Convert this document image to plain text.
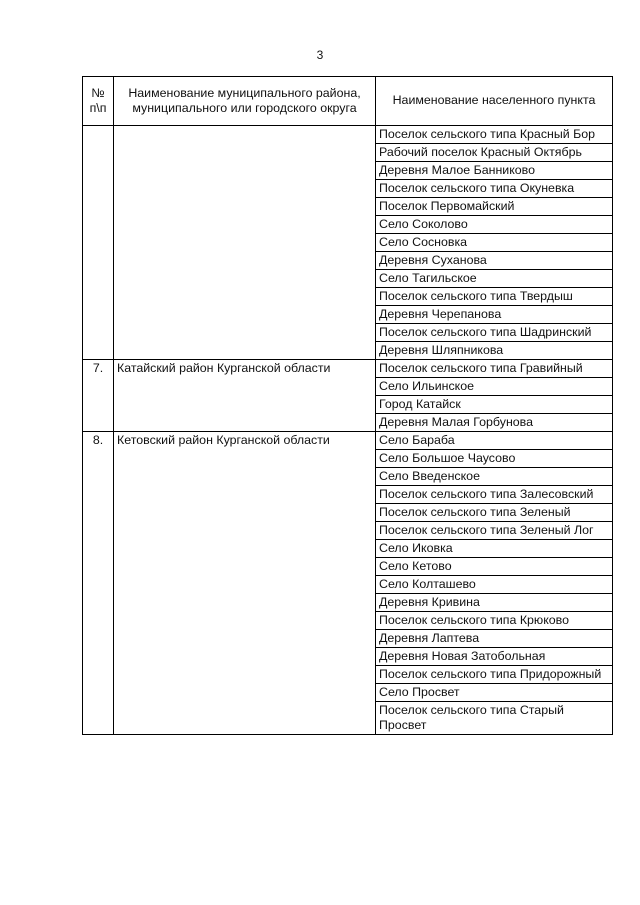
3
№ п\п	Наименование муниципального района, муниципального или городского округа	Наименование населенного пункта
		Поселок сельского типа Красный Бор
		Рабочий поселок Красный Октябрь
		Деревня Малое Банниково
		Поселок сельского типа Окуневка
		Поселок Первомайский
		Село Соколово
		Село Сосновка
		Деревня Суханова
		Село Тагильское
		Поселок сельского типа Твердыш
		Деревня Черепанова
		Поселок сельского типа Шадринский
		Деревня Шляпникова
7.	Катайский район Курганской области	Поселок сельского типа Гравийный
		Село Ильинское
		Город Катайск
		Деревня Малая Горбунова
8.	Кетовский район Курганской области	Село Бараба
		Село Большое Чаусово
		Село Введенское
		Поселок сельского типа Залесовский
		Поселок сельского типа Зеленый
		Поселок сельского типа Зеленый Лог
		Село Иковка
		Село Кетово
		Село Колташево
		Деревня Кривина
		Поселок сельского типа Крюково
		Деревня Лаптева
		Деревня Новая Затобольная
		Поселок сельского типа Придорожный
		Село Просвет
		Поселок сельского типа Старый Просвет
